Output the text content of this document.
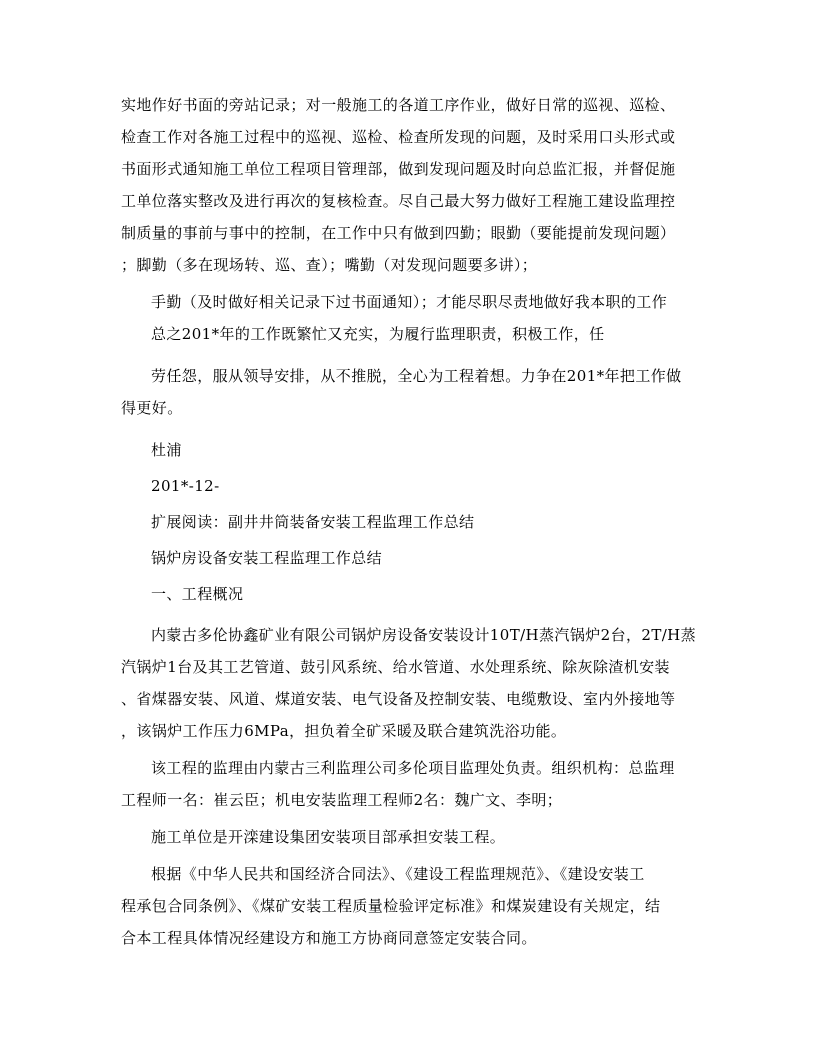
实地作好书面的旁站记录；对一般施工的各道工序作业，做好日常的巡视、巡检、
检查工作对各施工过程中的巡视、巡检、检查所发现的问题，及时采用口头形式或
书面形式通知施工单位工程项目管理部，做到发现问题及时向总监汇报，并督促施
工单位落实整改及进行再次的复核检查。尽自己最大努力做好工程施工建设监理控
制质量的事前与事中的控制，在工作中只有做到四勤；眼勤（要能提前发现问题）
；脚勤（多在现场转、巡、查）；嘴勤（对发现问题要多讲）；
手勤（及时做好相关记录下过书面通知）；才能尽职尽责地做好我本职的工作
总之201*年的工作既繁忙又充实，为履行监理职责，积极工作，任
劳任怨，服从领导安排，从不推脱，全心为工程着想。力争在201*年把工作做
得更好。
杜浦
201*-12-
扩展阅读：副井井筒装备安装工程监理工作总结
锅炉房设备安装工程监理工作总结
一、工程概况
内蒙古多伦协鑫矿业有限公司锅炉房设备安装设计10T/H蒸汽锅炉2台，2T/H蒸
汽锅炉1台及其工艺管道、鼓引风系统、给水管道、水处理系统、除灰除渣机安装
、省煤器安装、风道、煤道安装、电气设备及控制安装、电缆敷设、室内外接地等
，该锅炉工作压力6MPa，担负着全矿采暖及联合建筑洗浴功能。
该工程的监理由内蒙古三利监理公司多伦项目监理处负责。组织机构：总监理
工程师一名：崔云臣；机电安装监理工程师2名：魏广文、李明；
施工单位是开滦建设集团安装项目部承担安装工程。
根据《中华人民共和国经济合同法》、《建设工程监理规范》、《建设安装工
程承包合同条例》、《煤矿安装工程质量检验评定标准》和煤炭建设有关规定，结
合本工程具体情况经建设方和施工方协商同意签定安装合同。
